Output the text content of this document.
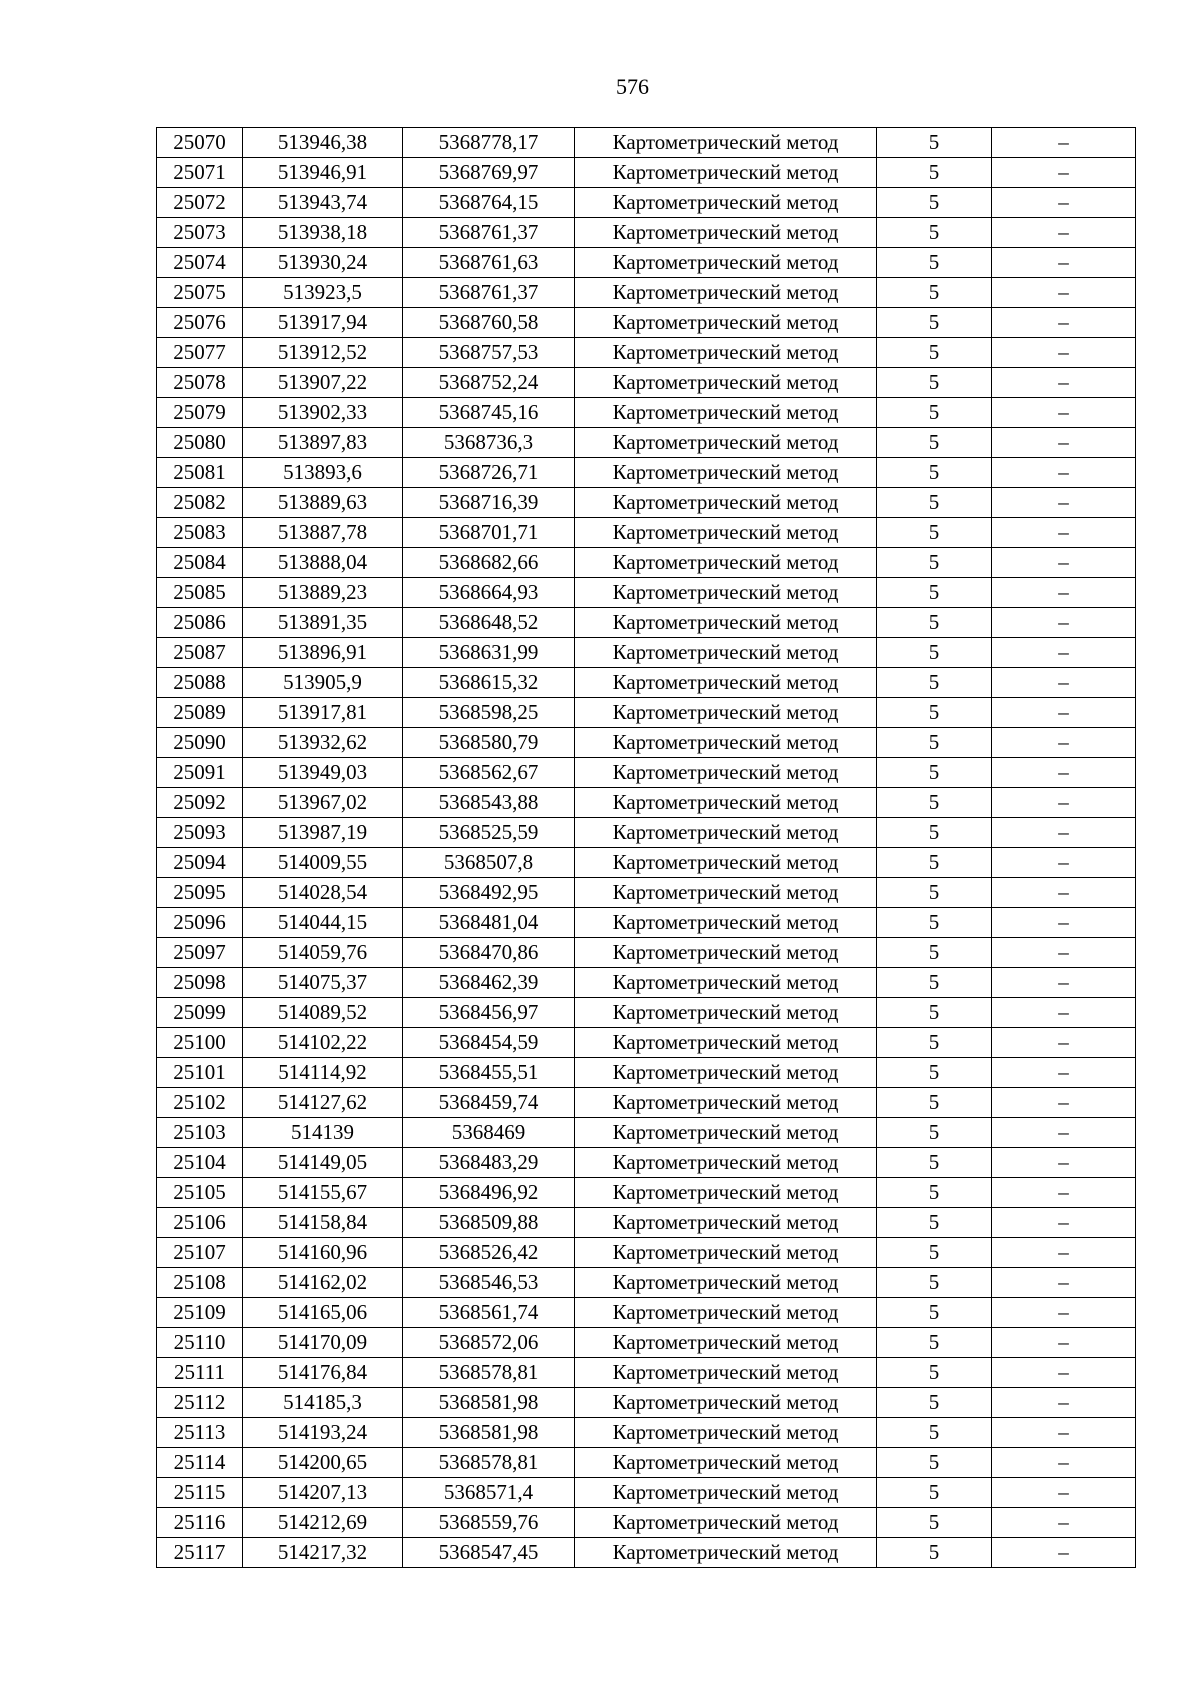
576
25070	513946,38	5368778,17	Картометрический метод	5	–
25071	513946,91	5368769,97	Картометрический метод	5	–
25072	513943,74	5368764,15	Картометрический метод	5	–
25073	513938,18	5368761,37	Картометрический метод	5	–
25074	513930,24	5368761,63	Картометрический метод	5	–
25075	513923,5	5368761,37	Картометрический метод	5	–
25076	513917,94	5368760,58	Картометрический метод	5	–
25077	513912,52	5368757,53	Картометрический метод	5	–
25078	513907,22	5368752,24	Картометрический метод	5	–
25079	513902,33	5368745,16	Картометрический метод	5	–
25080	513897,83	5368736,3	Картометрический метод	5	–
25081	513893,6	5368726,71	Картометрический метод	5	–
25082	513889,63	5368716,39	Картометрический метод	5	–
25083	513887,78	5368701,71	Картометрический метод	5	–
25084	513888,04	5368682,66	Картометрический метод	5	–
25085	513889,23	5368664,93	Картометрический метод	5	–
25086	513891,35	5368648,52	Картометрический метод	5	–
25087	513896,91	5368631,99	Картометрический метод	5	–
25088	513905,9	5368615,32	Картометрический метод	5	–
25089	513917,81	5368598,25	Картометрический метод	5	–
25090	513932,62	5368580,79	Картометрический метод	5	–
25091	513949,03	5368562,67	Картометрический метод	5	–
25092	513967,02	5368543,88	Картометрический метод	5	–
25093	513987,19	5368525,59	Картометрический метод	5	–
25094	514009,55	5368507,8	Картометрический метод	5	–
25095	514028,54	5368492,95	Картометрический метод	5	–
25096	514044,15	5368481,04	Картометрический метод	5	–
25097	514059,76	5368470,86	Картометрический метод	5	–
25098	514075,37	5368462,39	Картометрический метод	5	–
25099	514089,52	5368456,97	Картометрический метод	5	–
25100	514102,22	5368454,59	Картометрический метод	5	–
25101	514114,92	5368455,51	Картометрический метод	5	–
25102	514127,62	5368459,74	Картометрический метод	5	–
25103	514139	5368469	Картометрический метод	5	–
25104	514149,05	5368483,29	Картометрический метод	5	–
25105	514155,67	5368496,92	Картометрический метод	5	–
25106	514158,84	5368509,88	Картометрический метод	5	–
25107	514160,96	5368526,42	Картометрический метод	5	–
25108	514162,02	5368546,53	Картометрический метод	5	–
25109	514165,06	5368561,74	Картометрический метод	5	–
25110	514170,09	5368572,06	Картометрический метод	5	–
25111	514176,84	5368578,81	Картометрический метод	5	–
25112	514185,3	5368581,98	Картометрический метод	5	–
25113	514193,24	5368581,98	Картометрический метод	5	–
25114	514200,65	5368578,81	Картометрический метод	5	–
25115	514207,13	5368571,4	Картометрический метод	5	–
25116	514212,69	5368559,76	Картометрический метод	5	–
25117	514217,32	5368547,45	Картометрический метод	5	–
